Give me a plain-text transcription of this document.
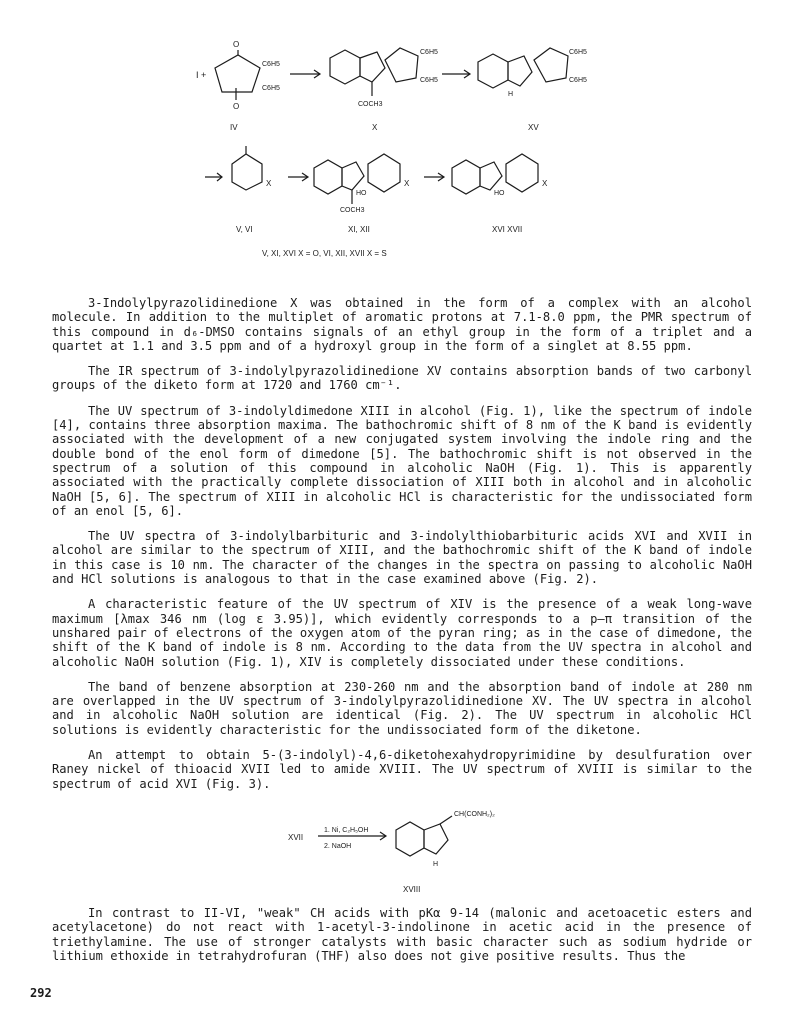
I +
O
O
C6H5
C6H5
C6H5
C6H5
C6H5
C6H5
COCH3
H
IV	X	XV
X	X	X
HO	HO
COCH3
V, VI	XI, XII	XVI XVII
V, XI, XVI X = O, VI, XII, XVII X = S

3-Indolylpyrazolidinedione X was obtained in the form of a complex with an alcohol molecule. In addition to the multiplet of aromatic protons at 7.1-8.0 ppm, the PMR spectrum of this compound in d₆-DMSO contains signals of an ethyl group in the form of a triplet and a quartet at 1.1 and 3.5 ppm and of a hydroxyl group in the form of a singlet at 8.55 ppm.

The IR spectrum of 3-indolylpyrazolidinedione XV contains absorption bands of two carbonyl groups of the diketo form at 1720 and 1760 cm⁻¹.

The UV spectrum of 3-indolyldimedone XIII in alcohol (Fig. 1), like the spectrum of indole [4], contains three absorption maxima. The bathochromic shift of 8 nm of the K band is evidently associated with the development of a new conjugated system involving the indole ring and the double bond of the enol form of dimedone [5]. The bathochromic shift is not observed in the spectrum of a solution of this compound in alcoholic NaOH (Fig. 1). This is apparently associated with the practically complete dissociation of XIII both in alcohol and in alcoholic NaOH [5, 6]. The spectrum of XIII in alcoholic HCl is characteristic for the undissociated form of an enol [5, 6].

The UV spectra of 3-indolylbarbituric and 3-indolylthiobarbituric acids XVI and XVII in alcohol are similar to the spectrum of XIII, and the bathochromic shift of the K band of indole in this case is 10 nm. The character of the changes in the spectra on passing to alcoholic NaOH and HCl solutions is analogous to that in the case examined above (Fig. 2).

A characteristic feature of the UV spectrum of XIV is the presence of a weak long-wave maximum [λmax 346 nm (log ε 3.95)], which evidently corresponds to a p–π transition of the unshared pair of electrons of the oxygen atom of the pyran ring; as in the case of dimedone, the shift of the K band of indole is 8 nm. According to the data from the UV spectra in alcohol and alcoholic NaOH solution (Fig. 1), XIV is completely dissociated under these conditions.

The band of benzene absorption at 230-260 nm and the absorption band of indole at 280 nm are overlapped in the UV spectrum of 3-indolylpyrazolidinedione XV. The UV spectra in alcohol and in alcoholic NaOH solution are identical (Fig. 2). The UV spectrum in alcoholic HCl solutions is evidently characteristic for the undissociated form of the diketone.

An attempt to obtain 5-(3-indolyl)-4,6-diketohexahydropyrimidine by desulfuration over Raney nickel of thioacid XVII led to amide XVIII. The UV spectrum of XVIII is similar to the spectrum of acid XVI (Fig. 3).

XVII
1. Ni, C₂H₅OH
2. NaOH
CH(CONH₂)₂
H
XVIII

In contrast to II-VI, "weak" CH acids with pKα 9-14 (malonic and acetoacetic esters and acetylacetone) do not react with 1-acetyl-3-indolinone in acetic acid in the presence of triethylamine. The use of stronger catalysts with basic character such as sodium hydride or lithium ethoxide in tetrahydrofuran (THF) also does not give positive results. Thus the

292
